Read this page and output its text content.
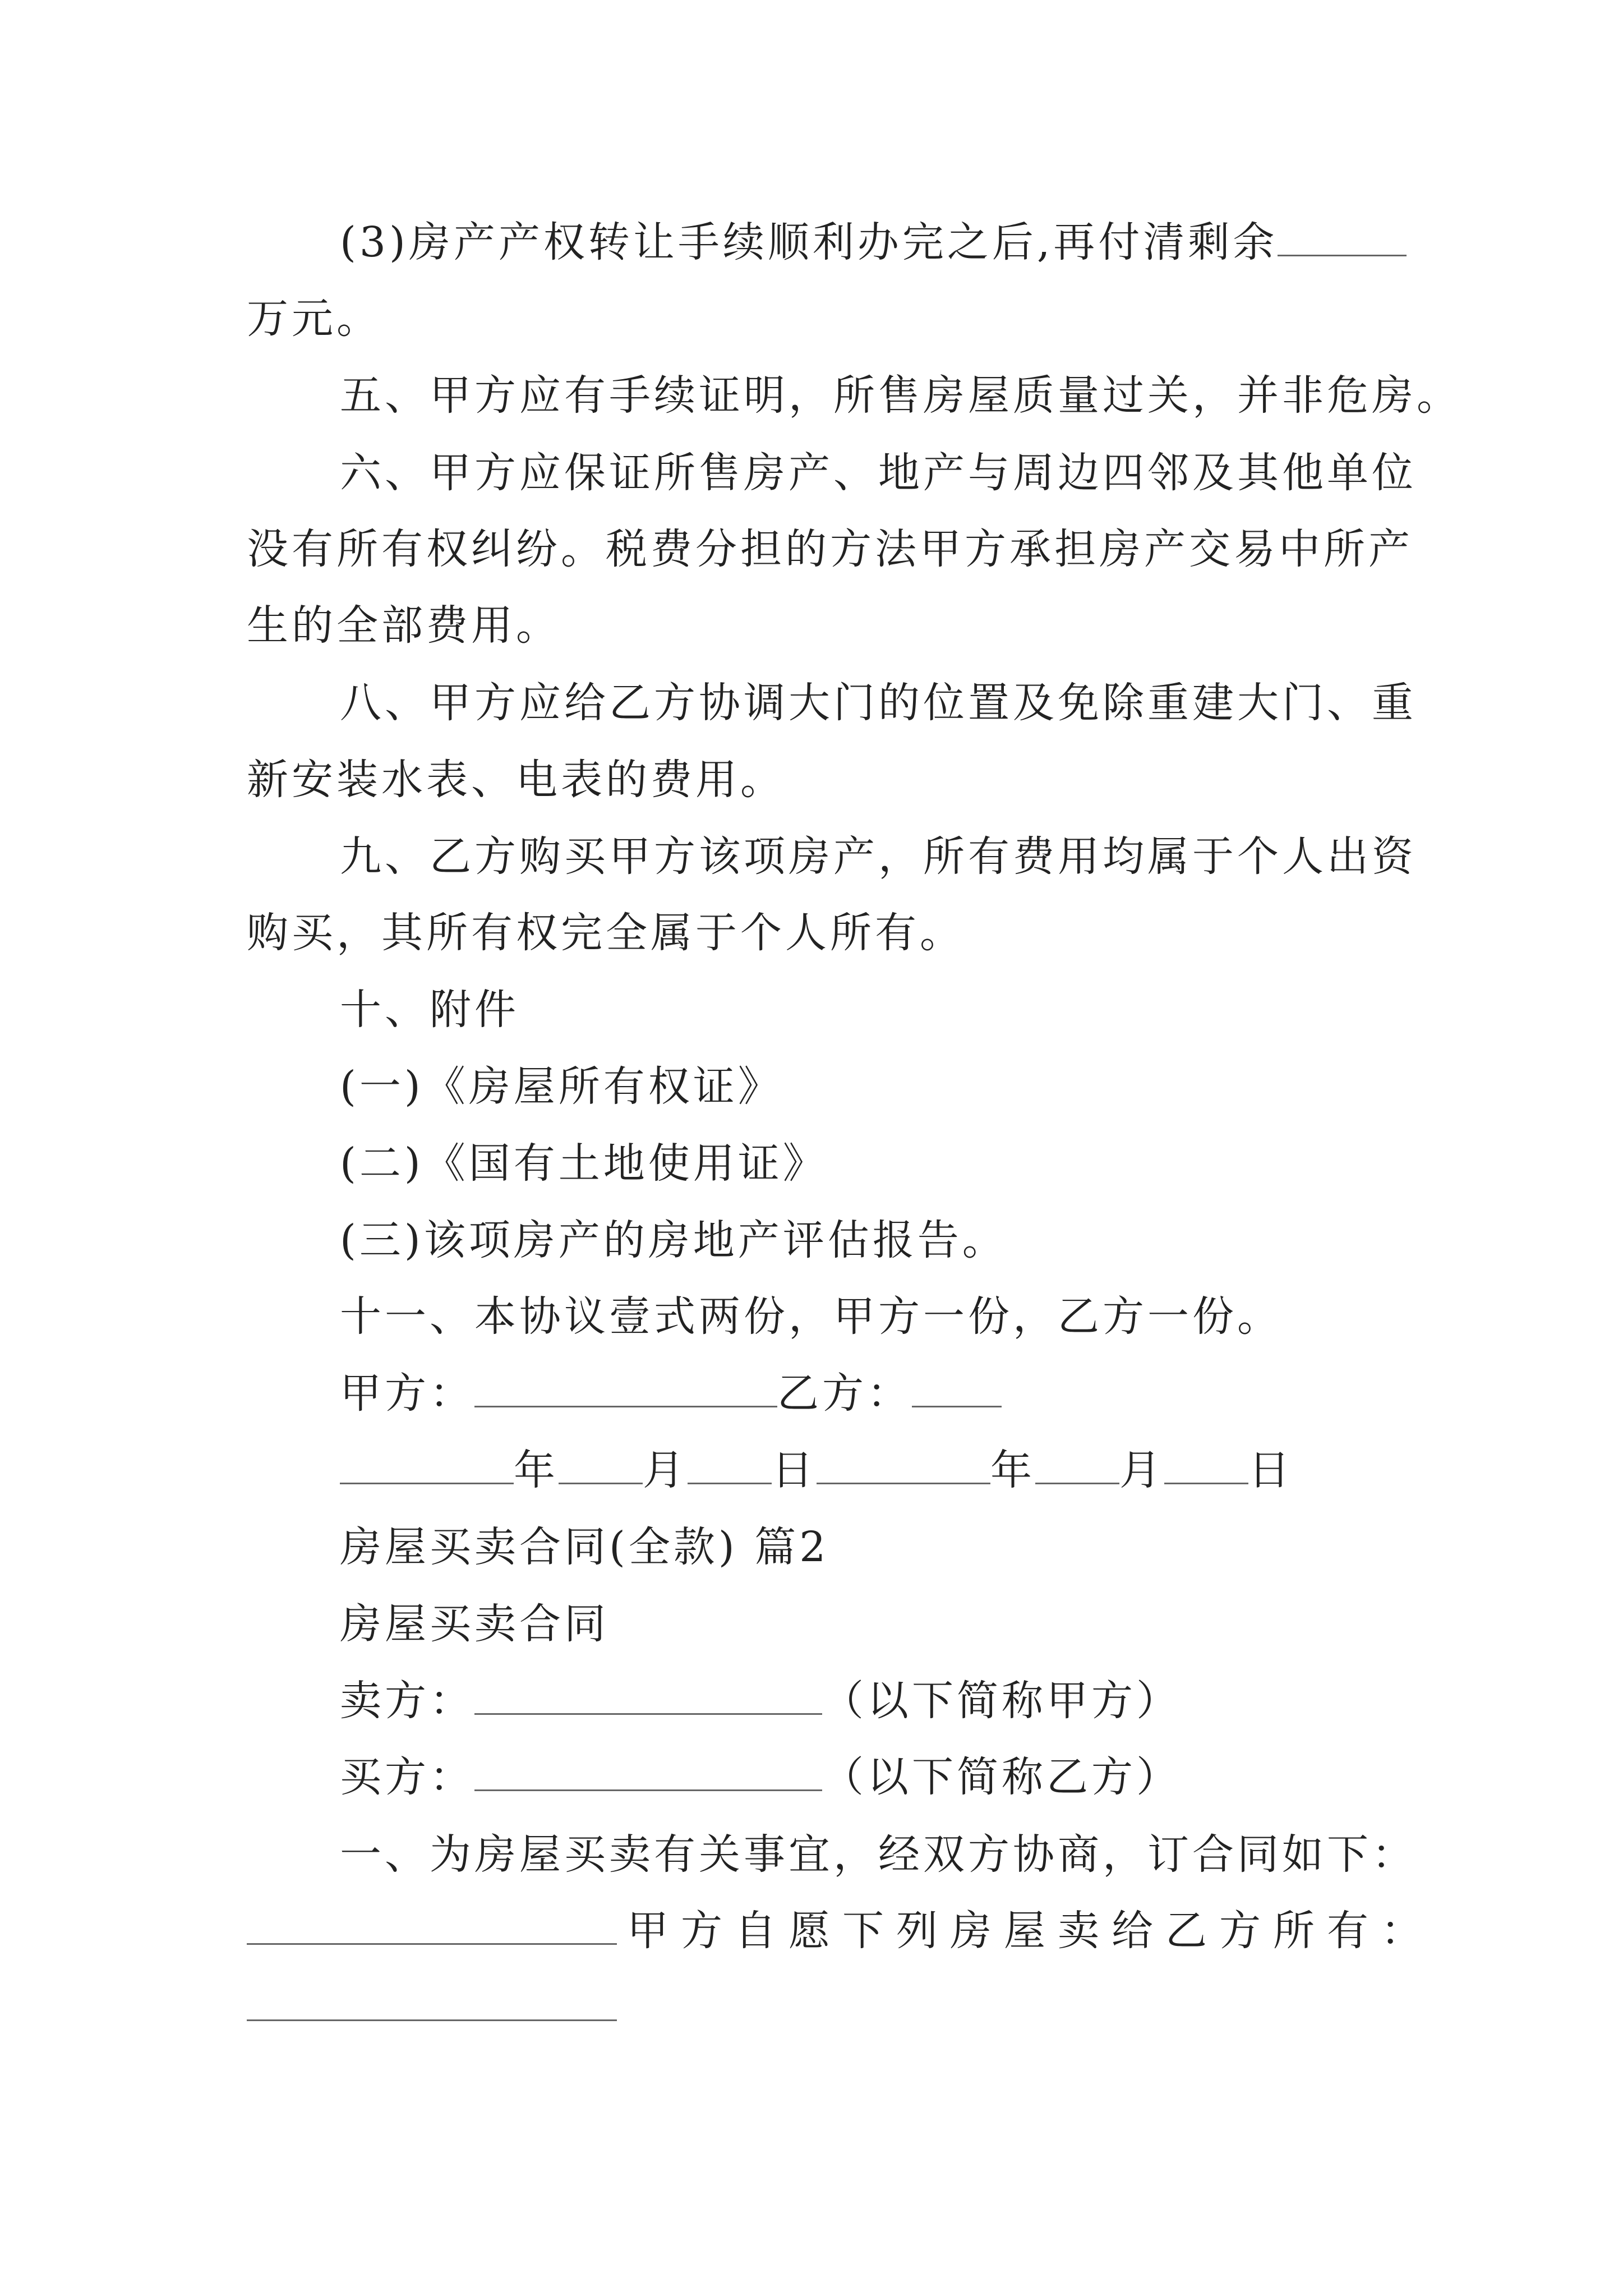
(3)房产产权转让手续顺利办完之后,再付清剩余
万元。
五、甲方应有手续证明，所售房屋质量过关，并非危房。
六、甲方应保证所售房产、地产与周边四邻及其他单位
没有所有权纠纷。税费分担的方法甲方承担房产交易中所产
生的全部费用。
八、甲方应给乙方协调大门的位置及免除重建大门、重
新安装水表、电表的费用。
九、乙方购买甲方该项房产，所有费用均属于个人出资
购买，其所有权完全属于个人所有。
十、附件
(一)《房屋所有权证》
(二)《国有土地使用证》
(三)该项房产的房地产评估报告。
十一、本协议壹式两份，甲方一份，乙方一份。
甲方：	乙方：
年 月 日	年 月 日
房屋买卖合同(全款) 篇2
房屋买卖合同
卖方：	（以下简称甲方）
买方：	（以下简称乙方）
一、为房屋买卖有关事宜，经双方协商，订合同如下：
甲方自愿下列房屋卖给乙方所有：
